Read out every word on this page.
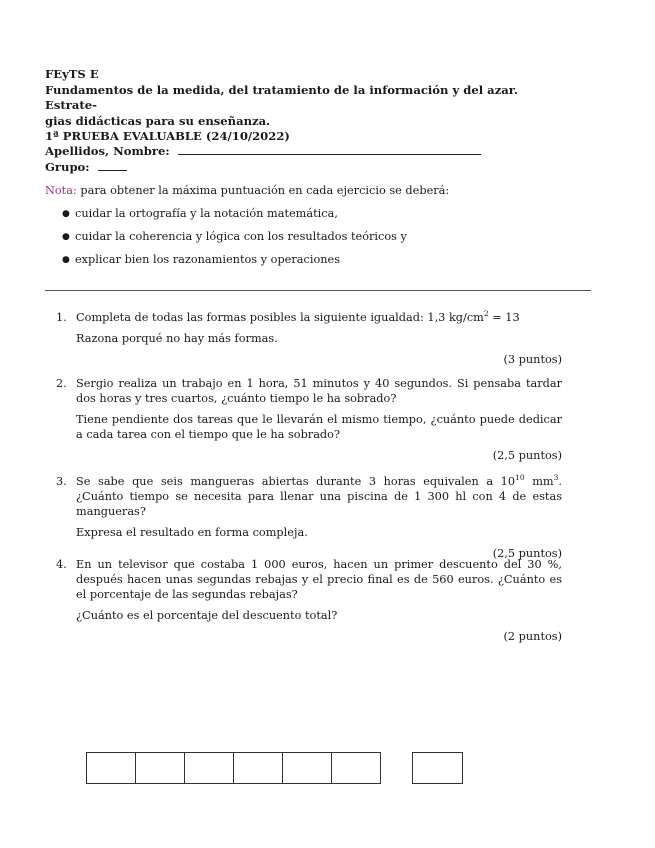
FEyTS E
Fundamentos de la medida, del tratamiento de la información y del azar. Estrate-
gias didácticas para su enseñanza.
1ª PRUEBA EVALUABLE (24/10/2022)
Apellidos, Nombre:
Grupo:
Nota: para obtener la máxima puntuación en cada ejercicio se deberá:
● cuidar la ortografía y la notación matemática,
● cuidar la coherencia y lógica con los resultados teóricos y
● explicar bien los razonamientos y operaciones
1. Completa de todas las formas posibles la siguiente igualdad: 1,3 $kg/cm^2 = 13$

Razona porqué no hay más formas.

(3 puntos)
2. Sergio realiza un trabajo en 1 hora, 51 minutos y 40 segundos. Si pensaba tardar dos horas y tres cuartos, ¿cuánto tiempo le ha sobrado?

Tiene pendiente dos tareas que le llevarán el mismo tiempo, ¿cuánto puede dedicar a cada tarea con el tiempo que le ha sobrado?

(2,5 puntos)
3. Se sabe que seis mangueras abiertas durante 3 horas equivalen a $10^{10}$ $mm^3$. ¿Cuánto tiempo se necesita para llenar una piscina de 1 300 hl con 4 de estas mangueras?

Expresa el resultado en forma compleja.

(2,5 puntos)
4. En un televisor que costaba 1 000 euros, hacen un primer descuento del 30 %, después hacen unas segundas rebajas y el precio final es de 560 euros. ¿Cuánto es el porcentaje de las segundas rebajas?

¿Cuánto es el porcentaje del descuento total?

(2 puntos)
